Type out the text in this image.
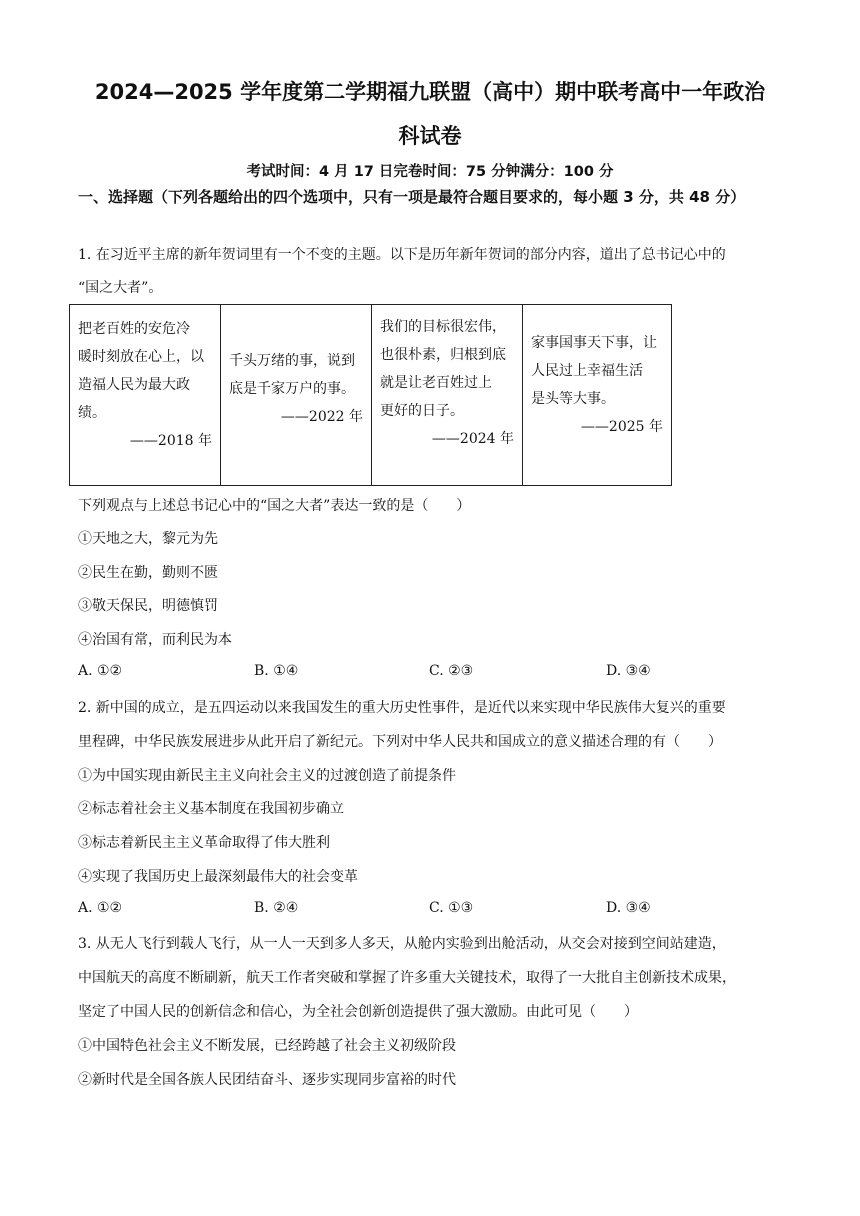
2024—2025 学年度第二学期福九联盟（高中）期中联考高中一年政治
科试卷
考试时间：4 月 17 日完卷时间：75 分钟满分：100 分
一、选择题（下列各题给出的四个选项中，只有一项是最符合题目要求的，每小题 3 分，共 48 分）
1. 在习近平主席的新年贺词里有一个不变的主题。以下是历年新年贺词的部分内容，道出了总书记心中的
“国之大者”。
把老百姓的安危冷
暖时刻放在心上，以
造福人民为最大政
绩。
——2018 年

千头万绪的事，说到
底是千家万户的事。
——2022 年

我们的目标很宏伟，
也很朴素，归根到底
就是让老百姓过上
更好的日子。
——2024 年

家事国事天下事，让
人民过上幸福生活
是头等大事。
——2025 年
下列观点与上述总书记心中的“国之大者”表达一致的是（　　）
①天地之大，黎元为先
②民生在勤，勤则不匮
③敬天保民，明德慎罚
④治国有常，而利民为本
A. ①②	B. ①④	C. ②③	D. ③④
2. 新中国的成立，是五四运动以来我国发生的重大历史性事件，是近代以来实现中华民族伟大复兴的重要
里程碑，中华民族发展进步从此开启了新纪元。下列对中华人民共和国成立的意义描述合理的有（　　）
①为中国实现由新民主主义向社会主义的过渡创造了前提条件
②标志着社会主义基本制度在我国初步确立
③标志着新民主主义革命取得了伟大胜利
④实现了我国历史上最深刻最伟大的社会变革
A. ①②	B. ②④	C. ①③	D. ③④
3. 从无人飞行到载人飞行，从一人一天到多人多天，从舱内实验到出舱活动，从交会对接到空间站建造，
中国航天的高度不断刷新，航天工作者突破和掌握了许多重大关键技术，取得了一大批自主创新技术成果，
坚定了中国人民的创新信念和信心，为全社会创新创造提供了强大激励。由此可见（　　）
①中国特色社会主义不断发展，已经跨越了社会主义初级阶段
②新时代是全国各族人民团结奋斗、逐步实现同步富裕的时代
